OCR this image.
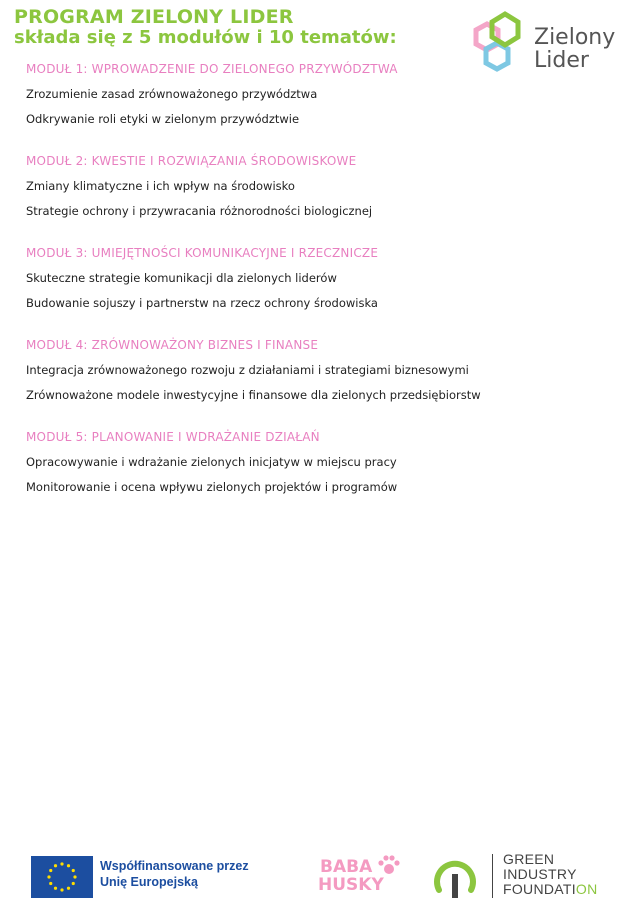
PROGRAM ZIELONY LIDER

składa się z 5 modułów i 10 tematów:	Zielony
Lider

MODUŁ 1: WPROWADZENIE DO ZIELONEGO PRZYWÓDZTWA

Zrozumienie zasad zrównoważonego przywództwa

Odkrywanie roli etyki w zielonym przywództwie

MODUŁ 2: KWESTIE I ROZWIĄZANIA ŚRODOWISKOWE

Zmiany klimatyczne i ich wpływ na środowisko

Strategie ochrony i przywracania różnorodności biologicznej

MODUŁ 3: UMIEJĘTNOŚCI KOMUNIKACYJNE I RZECZNICZE

Skuteczne strategie komunikacji dla zielonych liderów

Budowanie sojuszy i partnerstw na rzecz ochrony środowiska

MODUŁ 4: ZRÓWNOWAŻONY BIZNES I FINANSE

Integracja zrównoważonego rozwoju z działaniami i strategiami biznesowymi

Zrównoważone modele inwestycyjne i finansowe dla zielonych przedsiębiorstw

MODUŁ 5: PLANOWANIE I WDRAŻANIE DZIAŁAŃ

Opracowywanie i wdrażanie zielonych inicjatyw w miejscu pracy

Monitorowanie i ocena wpływu zielonych projektów i programów

Współfinansowane przez
Unię Europejską
BABA
HUSKY
GREEN
INDUSTRY
FOUNDATION
